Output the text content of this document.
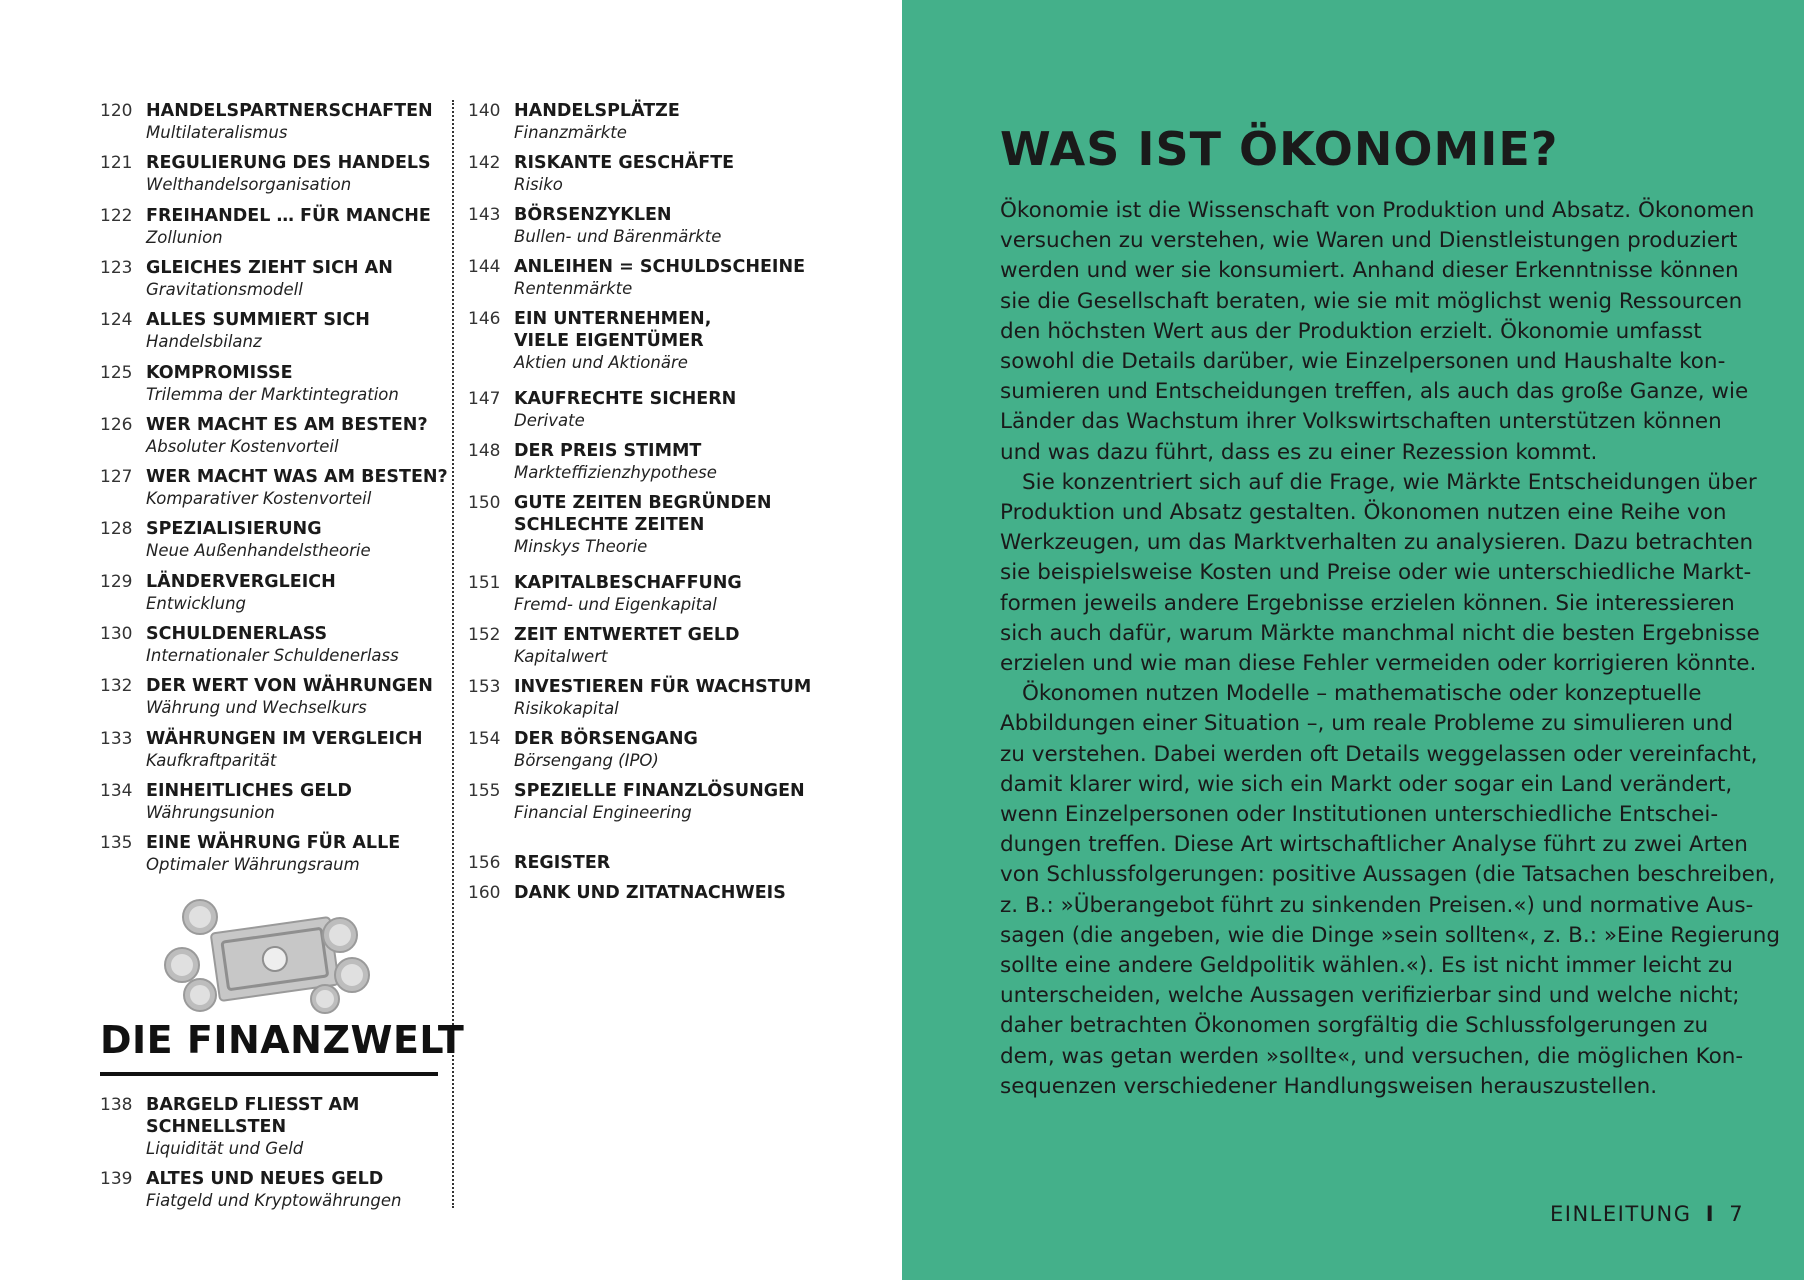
120 HANDELSPARTNERSCHAFTEN
Multilateralismus
121 REGULIERUNG DES HANDELS
Welthandelsorganisation
122 FREIHANDEL … FÜR MANCHE
Zollunion
123 GLEICHES ZIEHT SICH AN
Gravitationsmodell
124 ALLES SUMMIERT SICH
Handelsbilanz
125 KOMPROMISSE
Trilemma der Marktintegration
126 WER MACHT ES AM BESTEN?
Absoluter Kostenvorteil
127 WER MACHT WAS AM BESTEN?
Komparativer Kostenvorteil
128 SPEZIALISIERUNG
Neue Außenhandelstheorie
129 LÄNDERVERGLEICH
Entwicklung
130 SCHULDENERLASS
Internationaler Schuldenerlass
132 DER WERT VON WÄHRUNGEN
Währung und Wechselkurs
133 WÄHRUNGEN IM VERGLEICH
Kaufkraftparität
134 EINHEITLICHES GELD
Währungsunion
135 EINE WÄHRUNG FÜR ALLE
Optimaler Währungsraum
140 HANDELSPLÄTZE
Finanzmärkte
142 RISKANTE GESCHÄFTE
Risiko
143 BÖRSENZYKLEN
Bullen- und Bärenmärkte
144 ANLEIHEN = SCHULDSCHEINE
Rentenmärkte
146 EIN UNTERNEHMEN,
VIELE EIGENTÜMER
Aktien und Aktionäre
147 KAUFRECHTE SICHERN
Derivate
148 DER PREIS STIMMT
Markteffizienzhypothese
150 GUTE ZEITEN BEGRÜNDEN
SCHLECHTE ZEITEN
Minskys Theorie
151 KAPITALBESCHAFFUNG
Fremd- und Eigenkapital
152 ZEIT ENTWERTET GELD
Kapitalwert
153 INVESTIEREN FÜR WACHSTUM
Risikokapital
154 DER BÖRSENGANG
Börsengang (IPO)
155 SPEZIELLE FINANZLÖSUNGEN
Financial Engineering
156 REGISTER
160 DANK UND ZITATNACHWEIS
DIE FINANZWELT
138 BARGELD FLIESST AM
SCHNELLSTEN
Liquidität und Geld
139 ALTES UND NEUES GELD
Fiatgeld und Kryptowährungen
WAS IST ÖKONOMIE?
Ökonomie ist die Wissenschaft von Produktion und Absatz. Ökonomen
versuchen zu verstehen, wie Waren und Dienstleistungen produziert
werden und wer sie konsumiert. Anhand dieser Erkenntnisse können
sie die Gesellschaft beraten, wie sie mit möglichst wenig Ressourcen
den höchsten Wert aus der Produktion erzielt. Ökonomie umfasst
sowohl die Details darüber, wie Einzelpersonen und Haushalte kon-
sumieren und Entscheidungen treffen, als auch das große Ganze, wie
Länder das Wachstum ihrer Volkswirtschaften unterstützen können
und was dazu führt, dass es zu einer Rezession kommt.
Sie konzentriert sich auf die Frage, wie Märkte Entscheidungen über
Produktion und Absatz gestalten. Ökonomen nutzen eine Reihe von
Werkzeugen, um das Marktverhalten zu analysieren. Dazu betrachten
sie beispielsweise Kosten und Preise oder wie unterschiedliche Markt-
formen jeweils andere Ergebnisse erzielen können. Sie interessieren
sich auch dafür, warum Märkte manchmal nicht die besten Ergebnisse
erzielen und wie man diese Fehler vermeiden oder korrigieren könnte.
Ökonomen nutzen Modelle – mathematische oder konzeptuelle
Abbildungen einer Situation –, um reale Probleme zu simulieren und
zu verstehen. Dabei werden oft Details weggelassen oder vereinfacht,
damit klarer wird, wie sich ein Markt oder sogar ein Land verändert,
wenn Einzelpersonen oder Institutionen unterschiedliche Entschei-
dungen treffen. Diese Art wirtschaftlicher Analyse führt zu zwei Arten
von Schlussfolgerungen: positive Aussagen (die Tatsachen beschreiben,
z. B.: »Überangebot führt zu sinkenden Preisen.«) und normative Aus-
sagen (die angeben, wie die Dinge »sein sollten«, z. B.: »Eine Regierung
sollte eine andere Geldpolitik wählen.«). Es ist nicht immer leicht zu
unterscheiden, welche Aussagen verifizierbar sind und welche nicht;
daher betrachten Ökonomen sorgfältig die Schlussfolgerungen zu
dem, was getan werden »sollte«, und versuchen, die möglichen Kon-
sequenzen verschiedener Handlungsweisen herauszustellen.
EINLEITUNG I 7
